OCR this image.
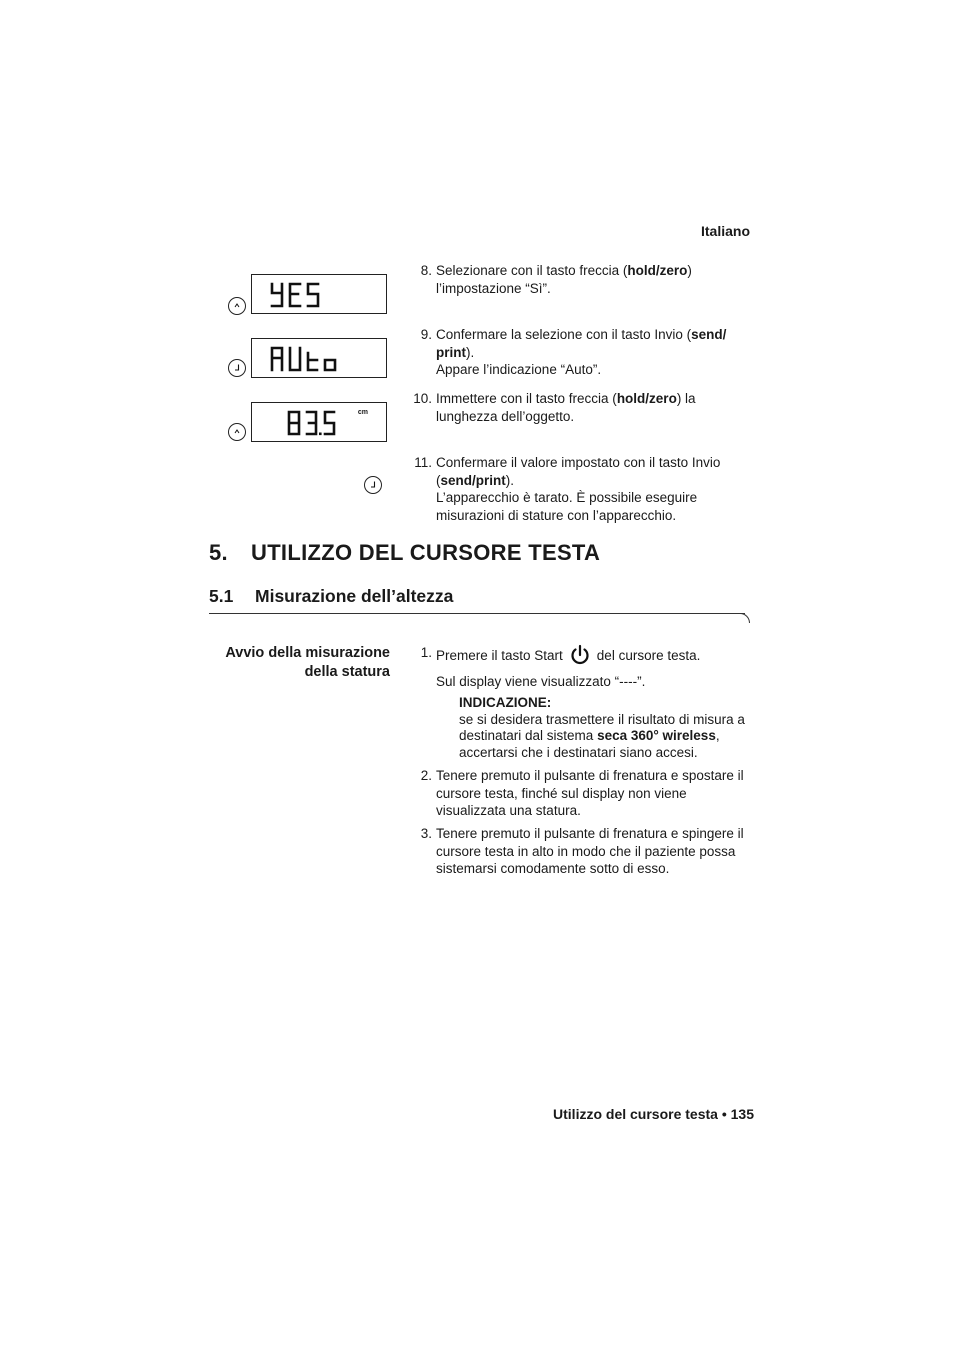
Italiano
cm
8. Selezionare con il tasto freccia (hold/zero) l’impostazione “Sì”.
9. Confermare la selezione con il tasto Invio (send/ print).
Appare l’indicazione “Auto”.
10. Immettere con il tasto freccia (hold/zero) la lunghezza dell’oggetto.
11. Confermare il valore impostato con il tasto Invio (send/print).
L’apparecchio è tarato. È possibile eseguire misurazioni di stature con l’apparecchio.
5. UTILIZZO DEL CURSORE TESTA
5.1 Misurazione dell’altezza
Avvio della misurazione
della statura
1. Premere il tasto Start	del cursore testa.
Sul display viene visualizzato “----”.
INDICAZIONE:
se si desidera trasmettere il risultato di misura a destinatari dal sistema seca 360° wireless, accertarsi che i destinatari siano accesi.
2. Tenere premuto il pulsante di frenatura e spostare il cursore testa, finché sul display non viene visualizzata una statura.
3. Tenere premuto il pulsante di frenatura e spingere il cursore testa in alto in modo che il paziente possa sistemarsi comodamente sotto di esso.
Utilizzo del cursore testa • 135
